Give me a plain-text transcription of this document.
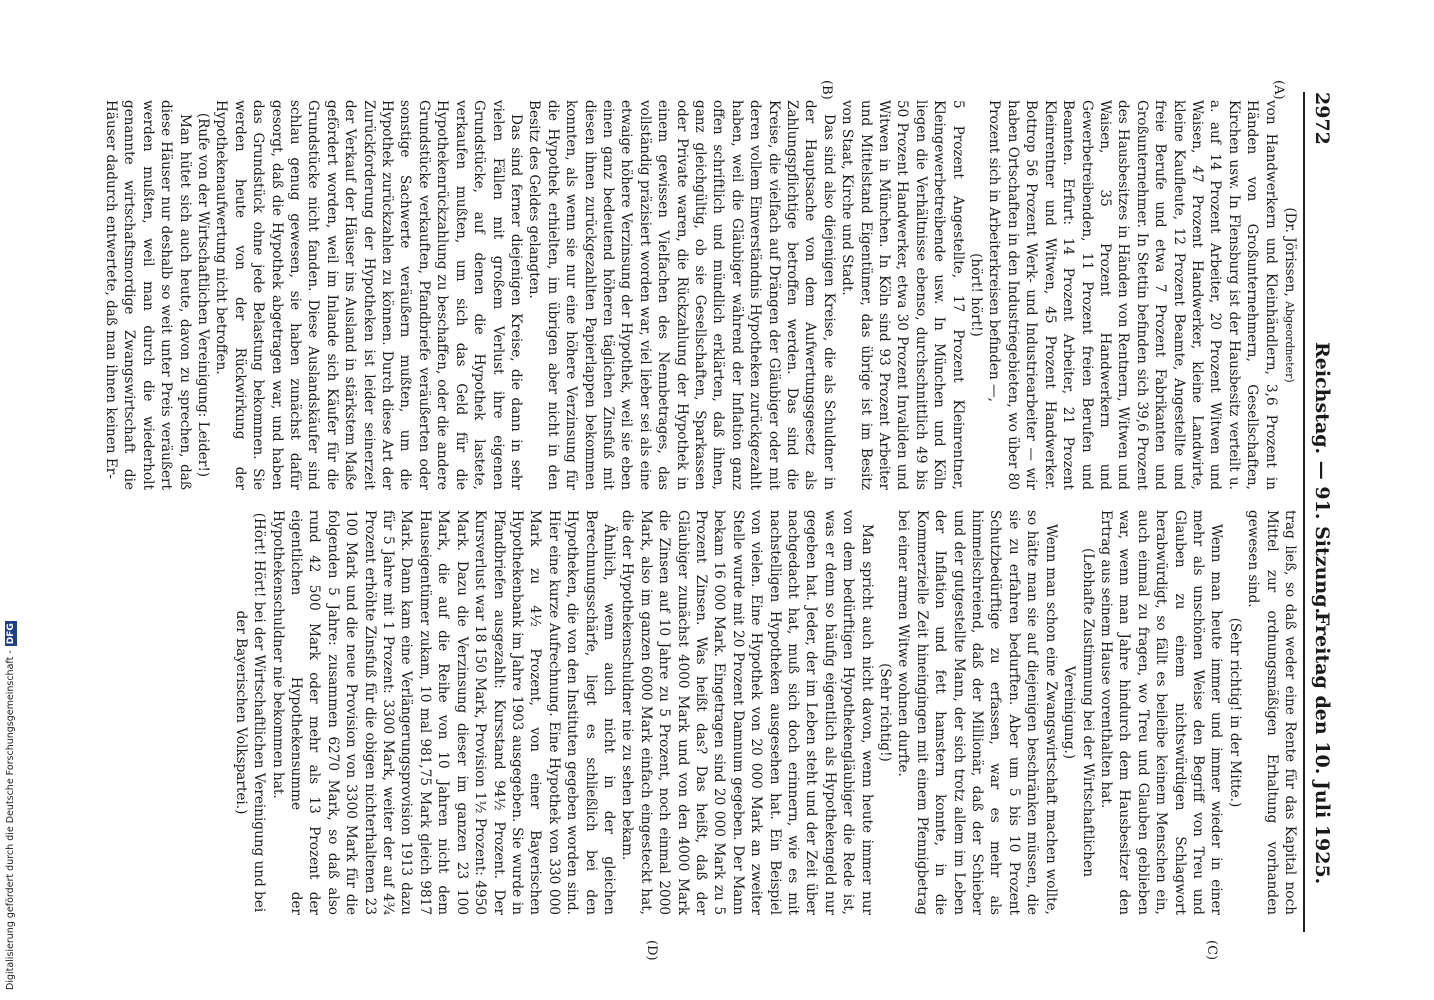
2972
Reichstag. — 91. Sitzung.
Freitag den 10. Juli 1925.
(A)
(B)
(C)
(D)

(Dr. Jörissen, Abgeordneter)

von Handwerkern und Kleinhändlern, 3,6 Prozent in Händen von Großunternehmern, Gesellschaften, Kirchen usw. In Flensburg ist der Hausbesitz verteilt u. a. auf 14 Prozent Arbeiter, 20 Prozent Witwen und Waisen, 47 Prozent Handwerker, kleine Landwirte, kleine Kaufleute, 12 Prozent Beamte, Angestellte und freie Berufe und etwa 7 Prozent Fabrikanten und Großunternehmer. In Stettin befinden sich 39,6 Prozent des Hausbesitzes in Händen von Rentnern, Witwen und Waisen, 35 Prozent Handwerkern und Gewerbetreibenden, 11 Prozent freien Berufen und Beamten. Erfurt: 14 Prozent Arbeiter, 21 Prozent Kleinrentner und Witwen, 45 Prozent Handwerker. Bottrop 56 Prozent Werk- und Industriearbeiter — wir haben Ortschaften in den Industriegebieten, wo über 80 Prozent sich in Arbeiterkreisen befinden —,

(hört! hört!)

5 Prozent Angestellte, 17 Prozent Kleinrentner, Kleingewerbetreibende usw. In München und Köln liegen die Verhältnisse ebenso, durchschnittlich 49 bis 50 Prozent Handwerker, etwa 30 Prozent Invaliden und Witwen in München. In Köln sind 93 Prozent Arbeiter und Mittelstand Eigentümer, das übrige ist im Besitz von Staat, Kirche und Stadt.

Das sind also diejenigen Kreise, die als Schuldner in der Hauptsache von dem Aufwertungsgesetz als Zahlungspflichtige betroffen werden. Das sind die Kreise, die vielfach auf Drängen der Gläubiger oder mit deren vollem Einverständnis Hypotheken zurückgezahlt haben, weil die Gläubiger während der Inflation ganz offen schriftlich und mündlich erklärten, daß ihnen, ganz gleichgültig, ob sie Gesellschaften, Sparkassen oder Private waren, die Rückzahlung der Hypothek in einem gewissen Vielfachen des Nennbetrages, das vollständig präzisiert worden war, viel lieber sei als eine etwaige höhere Verzinsung der Hypothek, weil sie eben einen ganz bedeutend höheren täglichen Zinsfuß mit diesen ihnen zurückgezahlten Papierlappen bekommen konnten, als wenn sie nur eine höhere Verzinsung für die Hypothek erhielten, im übrigen aber nicht in den Besitz des Geldes gelangten.

Das sind ferner diejenigen Kreise, die dann in sehr vielen Fällen mit großem Verlust ihre eigenen Grundstücke, auf denen die Hypothek lastete, verkaufen mußten, um sich das Geld für die Hypothekenrückzahlung zu beschaffen, oder die andere Grundstücke verkauften, Pfandbriefe veräußerten oder sonstige Sachwerte veräußern mußten, um die Hypothek zurückzahlen zu können. Durch diese Art der Zurückforderung der Hypotheken ist leider seinerzeit der Verkauf der Häuser ins Ausland in stärkstem Maße gefördert worden, weil im Inlande sich Käufer für die Grundstücke nicht fanden. Diese Auslandskäufer sind schlau genug gewesen, sie haben zunächst dafür gesorgt, daß die Hypothek abgetragen war, und haben das Grundstück ohne jede Belastung bekommen. Sie werden heute von der Rückwirkung der Hypothekenaufwertung nicht betroffen.

(Rufe von der Wirtschaftlichen Vereinigung: Leider!)

Man hütet sich auch heute, davon zu sprechen, daß diese Häuser nur deshalb so weit unter Preis veräußert werden mußten, weil man durch die wiederholt genannte wirtschaftsmordige Zwangswirtschaft die Häuser dadurch entwertete, daß man ihnen keinen Er-

trag ließ, so daß weder eine Rente für das Kapital noch Mittel zur ordnungsmäßigen Erhaltung vorhanden gewesen sind.

(Sehr richtig! in der Mitte.)

Wenn man heute immer und immer wieder in einer mehr als unschönen Weise den Begriff von Treu und Glauben zu einem nichtswürdigen Schlagwort herabwürdigt, so fällt es beileibe keinem Menschen ein, auch einmal zu fragen, wo Treu und Glauben geblieben war, wenn man Jahre hindurch dem Hausbesitzer den Ertrag aus seinem Hause vorenthalten hat.

(Lebhafte Zustimmung bei der Wirtschaftlichen Vereinigung.)

Wenn man schon eine Zwangswirtschaft machen wollte, so hätte man sie auf diejenigen beschränken müssen, die sie zu erfahren bedurften. Aber um 5 bis 10 Prozent Schutzbedürftige zu erfassen, war es mehr als himmelschreiend, daß der Millionär, daß der Schieber und der gutgestellte Mann, der sich trotz allem im Leben der Inflation und fett hamstern konnte, in die Kommerzielle Zeit hineingingen mit einem Pfennigbetrag bei einer armen Witwe wohnen durfte.

(Sehr richtig!)

Man spricht auch nicht davon, wenn heute immer nur von dem bedürftigen Hypothekengläubiger die Rede ist, was er denn so häufig eigentlich als Hypothekengeld nur gegeben hat. Jeder, der im Leben steht und der Zeit über nachgedacht hat, muß sich doch erinnern, wie es mit nachstelligen Hypotheken ausgesehen hat. Ein Beispiel von vielen. Eine Hypothek von 20 000 Mark an zweiter Stelle wurde mit 20 Prozent Damnum gegeben. Der Mann bekam 16 000 Mark. Eingetragen sind 20 000 Mark zu 5 Prozent Zinsen. Was heißt das? Das heißt, daß der Gläubiger zunächst 4000 Mark und von den 4000 Mark die Zinsen auf 10 Jahre zu 5 Prozent, noch einmal 2000 Mark, also im ganzen 6000 Mark einfach eingesteckt hat, die der Hypothekenschuldner nie zu sehen bekam.

Ähnlich, wenn auch nicht in der gleichen Berechnungsschärfe, liegt es schließlich bei den Hypotheken, die von den Instituten gegeben worden sind. Hier eine kurze Aufrechnung. Eine Hypothek von 330 000 Mark zu 4½ Prozent, von einer Bayerischen Hypothekenbank im Jahre 1903 ausgegeben. Sie wurde in Pfandbriefen ausgezahlt: Kursstand 94½ Prozent. Der Kursverlust war 18 150 Mark, Provision 1½ Prozent: 4950 Mark. Dazu die Verzinsung dieser im ganzen 23 100 Mark, die auf die Reihe von 10 Jahren nicht dem Hauseigentümer zukam, 10 mal 981,75 Mark gleich 9817 Mark. Dann kam eine Verlängerungsprovision 1913 dazu für 5 Jahre mit 1 Prozent: 3300 Mark, weiter der auf 4¾ Prozent erhöhte Zinsfuß für die obigen nichterhaltenen 23 100 Mark und die neue Provision von 3300 Mark für die folgenden 5 Jahre: zusammen 6270 Mark, so daß also rund 42 500 Mark oder mehr als 13 Prozent der eigentlichen Hypothekensumme der Hypothekenschuldner nie bekommen hat.

(Hört! Hört! bei der Wirtschaftlichen Vereinigung und bei der Bayerischen Volkspartei.)

Digitalisierung gefördert durch die Deutsche Forschungsgemeinschaft -DFG
